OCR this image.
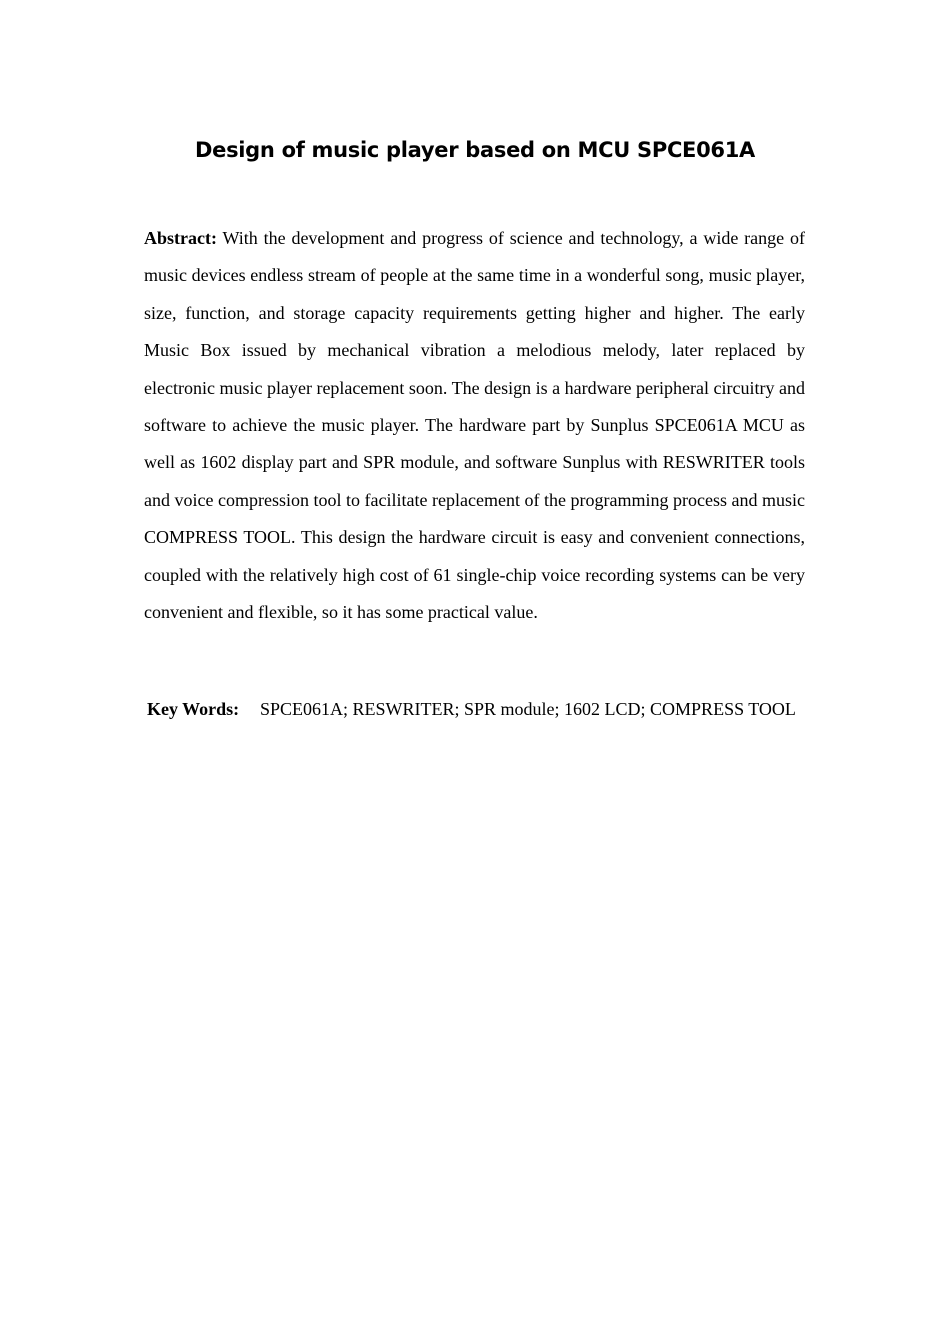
Design of music player based on MCU SPCE061A

Abstract: With the development and progress of science and technology, a wide range of music devices endless stream of people at the same time in a wonderful song, music player, size, function, and storage capacity requirements getting higher and higher. The early Music Box issued by mechanical vibration a melodious melody, later replaced by electronic music player replacement soon. The design is a hardware peripheral circuitry and software to achieve the music player. The hardware part by Sunplus SPCE061A MCU as well as 1602 display part and SPR module, and software Sunplus with RESWRITER tools and voice compression tool to facilitate replacement of the programming process and music COMPRESS TOOL. This design the hardware circuit is easy and convenient connections, coupled with the relatively high cost of 61 single-chip voice recording systems can be very convenient and flexible, so it has some practical value.

Key Words:	SPCE061A; RESWRITER; SPR module; 1602 LCD; COMPRESS TOOL
